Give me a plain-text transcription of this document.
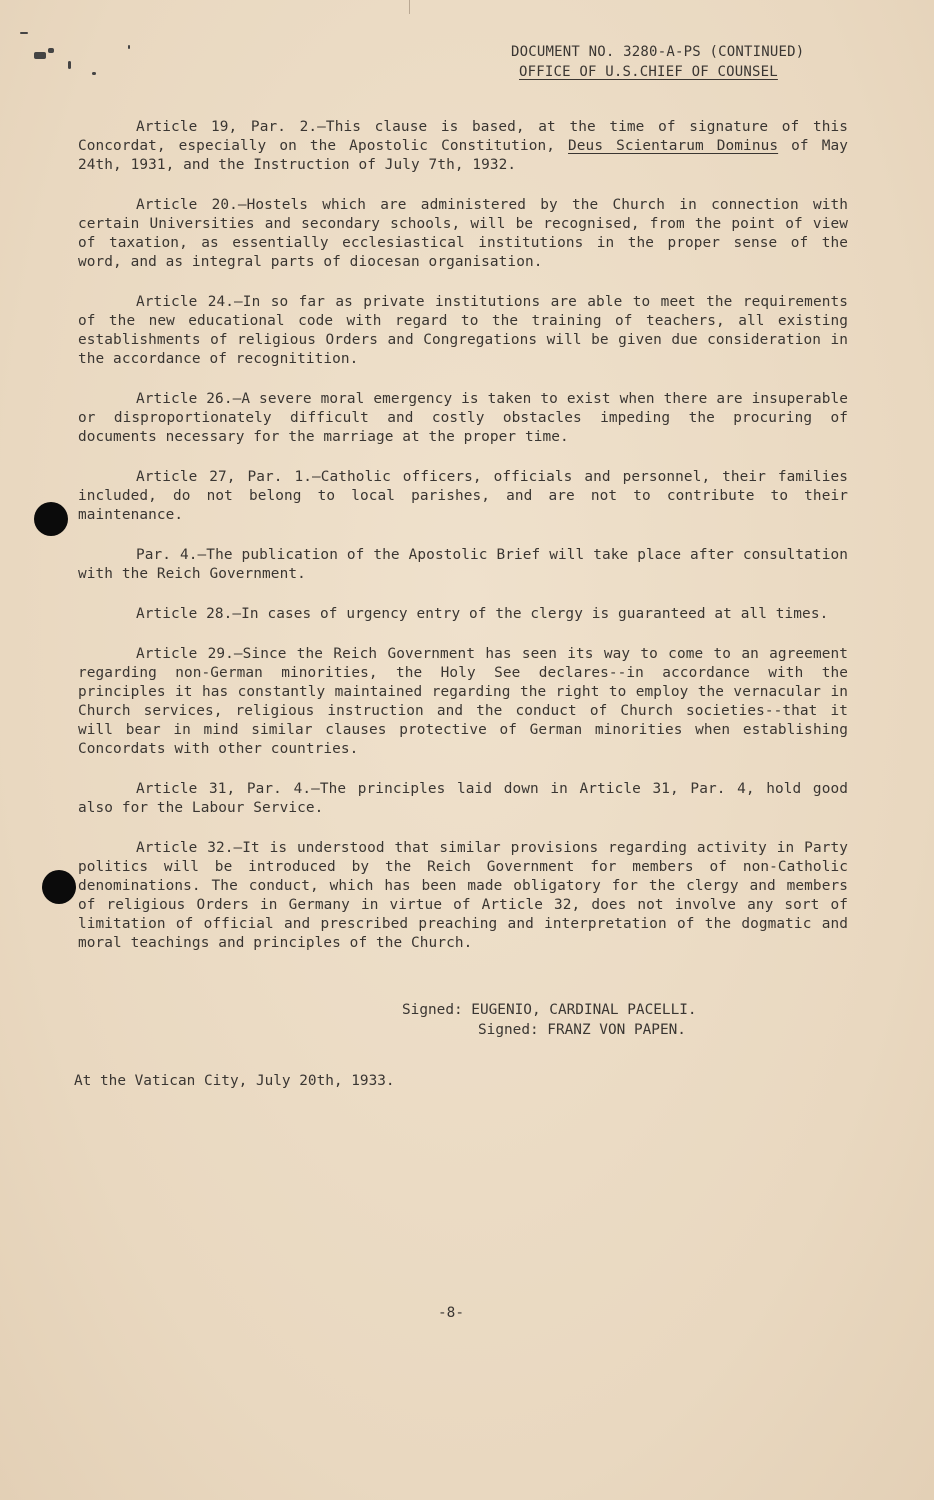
DOCUMENT NO. 3280-A-PS (CONTINUED)
OFFICE OF U.S.CHIEF OF COUNSEL

Article 19, Par. 2.—This clause is based, at the time of signature of this Concordat, especially on the Apostolic Constitution, Deus Scientarum Dominus of May 24th, 1931, and the Instruction of July 7th, 1932.

Article 20.—Hostels which are administered by the Church in connection with certain Universities and secondary schools, will be recognised, from the point of view of taxation, as essentially ecclesiastical institutions in the proper sense of the word, and as integral parts of diocesan organisation.

Article 24.—In so far as private institutions are able to meet the requirements of the new educational code with regard to the training of teachers, all existing establishments of religious Orders and Congregations will be given due consideration in the accordance of recognitition.

Article 26.—A severe moral emergency is taken to exist when there are insuperable or disproportionately difficult and costly obstacles impeding the procuring of documents necessary for the marriage at the proper time.

Article 27, Par. 1.—Catholic officers, officials and personnel, their families included, do not belong to local parishes, and are not to contribute to their maintenance.

Par. 4.—The publication of the Apostolic Brief will take place after consultation with the Reich Government.

Article 28.—In cases of urgency entry of the clergy is guaranteed at all times.

Article 29.—Since the Reich Government has seen its way to come to an agreement regarding non-German minorities, the Holy See declares--in accordance with the principles it has constantly maintained regarding the right to employ the vernacular in Church services, religious instruction and the conduct of Church societies--that it will bear in mind similar clauses protective of German minorities when establishing Concordats with other countries.

Article 31, Par. 4.—The principles laid down in Article 31, Par. 4, hold good also for the Labour Service.

Article 32.—It is understood that similar provisions regarding activity in Party politics will be introduced by the Reich Government for members of non-Catholic denominations. The conduct, which has been made obligatory for the clergy and members of religious Orders in Germany in virtue of Article 32, does not involve any sort of limitation of official and prescribed preaching and interpretation of the dogmatic and moral teachings and principles of the Church.

Signed: EUGENIO, CARDINAL PACELLI.
Signed: FRANZ VON PAPEN.
At the Vatican City, July 20th, 1933.
-8-
